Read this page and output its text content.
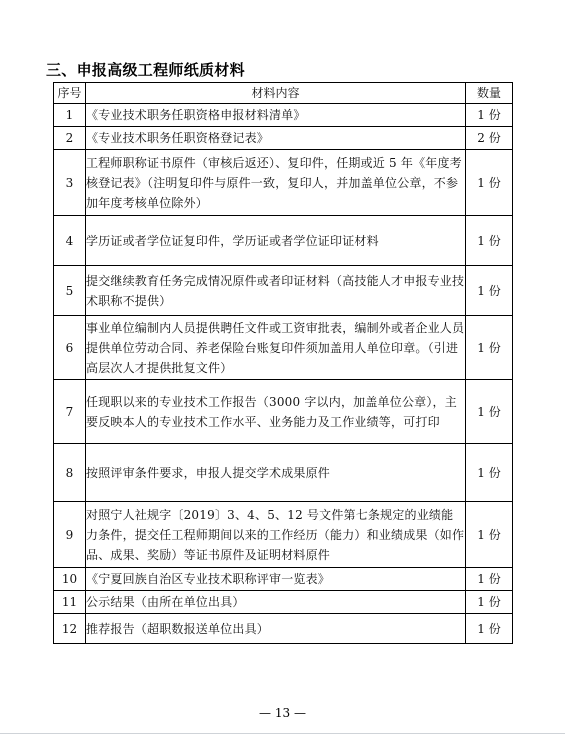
三、申报高级工程师纸质材料
序号	材料内容	数量
1	《专业技术职务任职资格申报材料清单》	1 份
2	《专业技术职务任职资格登记表》	2 份
3	工程师职称证书原件（审核后返还）、复印件，任期或近 5 年《年度考核登记表》（注明复印件与原件一致，复印人，并加盖单位公章，不参加年度考核单位除外）	1 份
4	学历证或者学位证复印件，学历证或者学位证印证材料	1 份
5	提交继续教育任务完成情况原件或者印证材料（高技能人才申报专业技术职称不提供）	1 份
6	事业单位编制内人员提供聘任文件或工资审批表，编制外或者企业人员提供单位劳动合同、养老保险台账复印件须加盖用人单位印章。（引进高层次人才提供批复文件）	1 份
7	任现职以来的专业技术工作报告（3000 字以内，加盖单位公章），主要反映本人的专业技术工作水平、业务能力及工作业绩等，可打印	1 份
8	按照评审条件要求，申报人提交学术成果原件	1 份
9	对照宁人社规字〔2019〕3、4、5、12 号文件第七条规定的业绩能力条件，提交任工程师期间以来的工作经历（能力）和业绩成果（如作品、成果、奖励）等证书原件及证明材料原件	1 份
10	《宁夏回族自治区专业技术职称评审一览表》	1 份
11	公示结果（由所在单位出具）	1 份
12	推荐报告（超职数报送单位出具）	1 份
— 13 —
